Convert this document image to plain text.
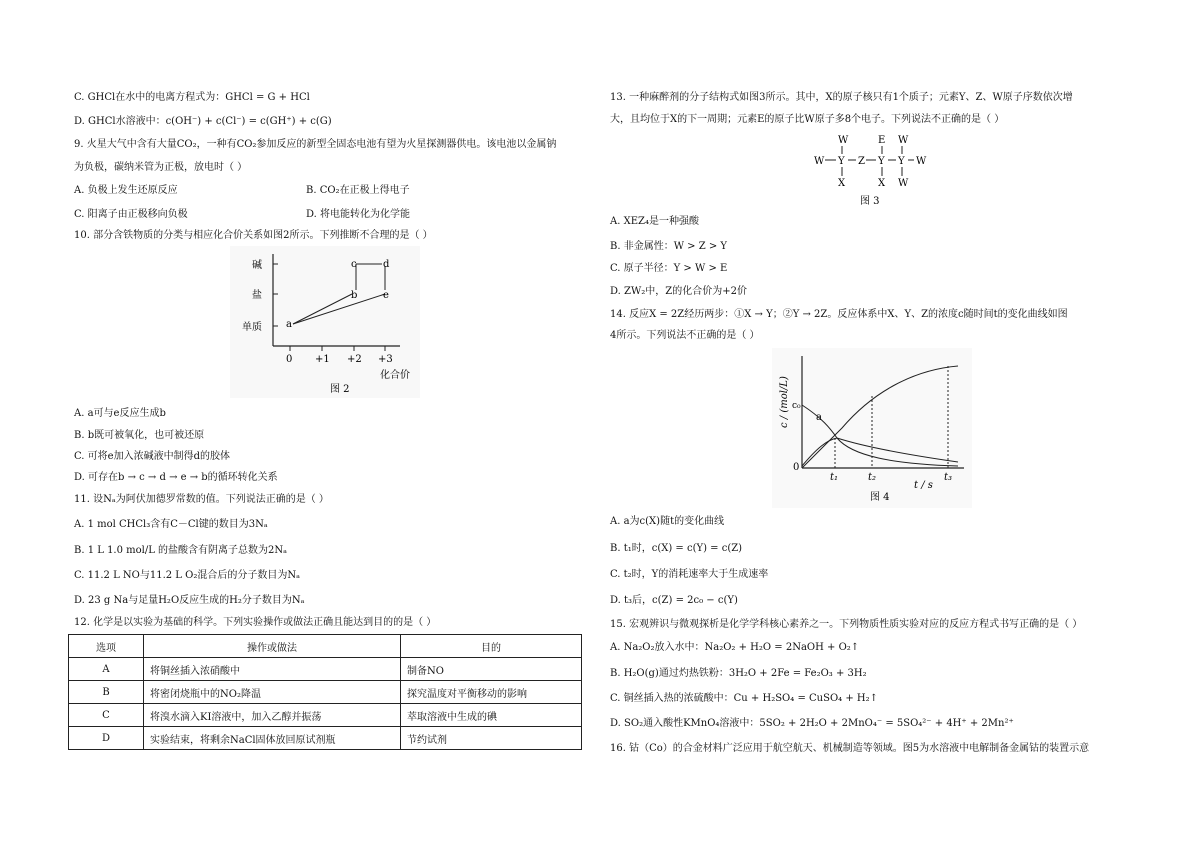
C. GHCl在水中的电离方程式为：GHCl = G + HCl
D. GHCl水溶液中：c(OH⁻) + c(Cl⁻) = c(GH⁺) + c(G)
9. 火星大气中含有大量CO₂，一种有CO₂参加反应的新型全固态电池有望为火星探测器供电。该电池以金属钠
为负极，碳纳米管为正极，放电时（ ）
A. 负极上发生还原反应	B. CO₂在正极上得电子
C. 阳离子由正极移向负极	D. 将电能转化为化学能
10. 部分含铁物质的分类与相应化合价关系如图2所示。下列推断不合理的是（ ）
碱
盐
单质
0 +1 +2 +3
化合价
图 2
a
b
c	d
e
A. a可与e反应生成b
B. b既可被氧化，也可被还原
C. 可将e加入浓碱液中制得d的胶体
D. 可存在b → c → d → e → b的循环转化关系
11. 设Nₐ为阿伏加德罗常数的值。下列说法正确的是（ ）
A. 1 mol CHCl₃含有C－Cl键的数目为3Nₐ
B. 1 L 1.0 mol/L 的盐酸含有阴离子总数为2Nₐ
C. 11.2 L NO与11.2 L O₂混合后的分子数目为Nₐ
D. 23 g Na与足量H₂O反应生成的H₂分子数目为Nₐ
12. 化学是以实验为基础的科学。下列实验操作或做法正确且能达到目的的是（ ）
选项	操作或做法	目的
A	将铜丝插入浓硝酸中	制备NO
B	将密闭烧瓶中的NO₂降温	探究温度对平衡移动的影响
C	将溴水滴入KI溶液中，加入乙醇并振荡	萃取溶液中生成的碘
D	实验结束，将剩余NaCl固体放回原试剂瓶	节约试剂
13. 一种麻醉剂的分子结构式如图3所示。其中，X的原子核只有1个质子；元素Y、Z、W原子序数依次增
大，且均位于X的下一周期；元素E的原子比W原子多8个电子。下列说法不正确的是（ ）
W	E W
W Y Z Y Y W
X	X W
图 3
A. XEZ₄是一种强酸
B. 非金属性：W > Z > Y
C. 原子半径：Y > W > E
D. ZW₂中，Z的化合价为+2价
14. 反应X = 2Z经历两步：①X → Y；②Y → 2Z。反应体系中X、Y、Z的浓度c随时间t的变化曲线如图
4所示。下列说法不正确的是（ ）
c / (mol/L) c₀
0
a
t₁	t₂	t₃
t / s
图 4
A. a为c(X)随t的变化曲线
B. t₁时，c(X) = c(Y) = c(Z)
C. t₂时，Y的消耗速率大于生成速率
D. t₃后，c(Z) = 2c₀ − c(Y)
15. 宏观辨识与微观探析是化学学科核心素养之一。下列物质性质实验对应的反应方程式书写正确的是（ ）
A. Na₂O₂放入水中：Na₂O₂ + H₂O = 2NaOH + O₂↑
B. H₂O(g)通过灼热铁粉：3H₂O + 2Fe = Fe₂O₃ + 3H₂
C. 铜丝插入热的浓硫酸中：Cu + H₂SO₄ = CuSO₄ + H₂↑
D. SO₂通入酸性KMnO₄溶液中：5SO₂ + 2H₂O + 2MnO₄⁻ = 5SO₄²⁻ + 4H⁺ + 2Mn²⁺
16. 钴（Co）的合金材料广泛应用于航空航天、机械制造等领域。图5为水溶液中电解制备金属钴的装置示意
